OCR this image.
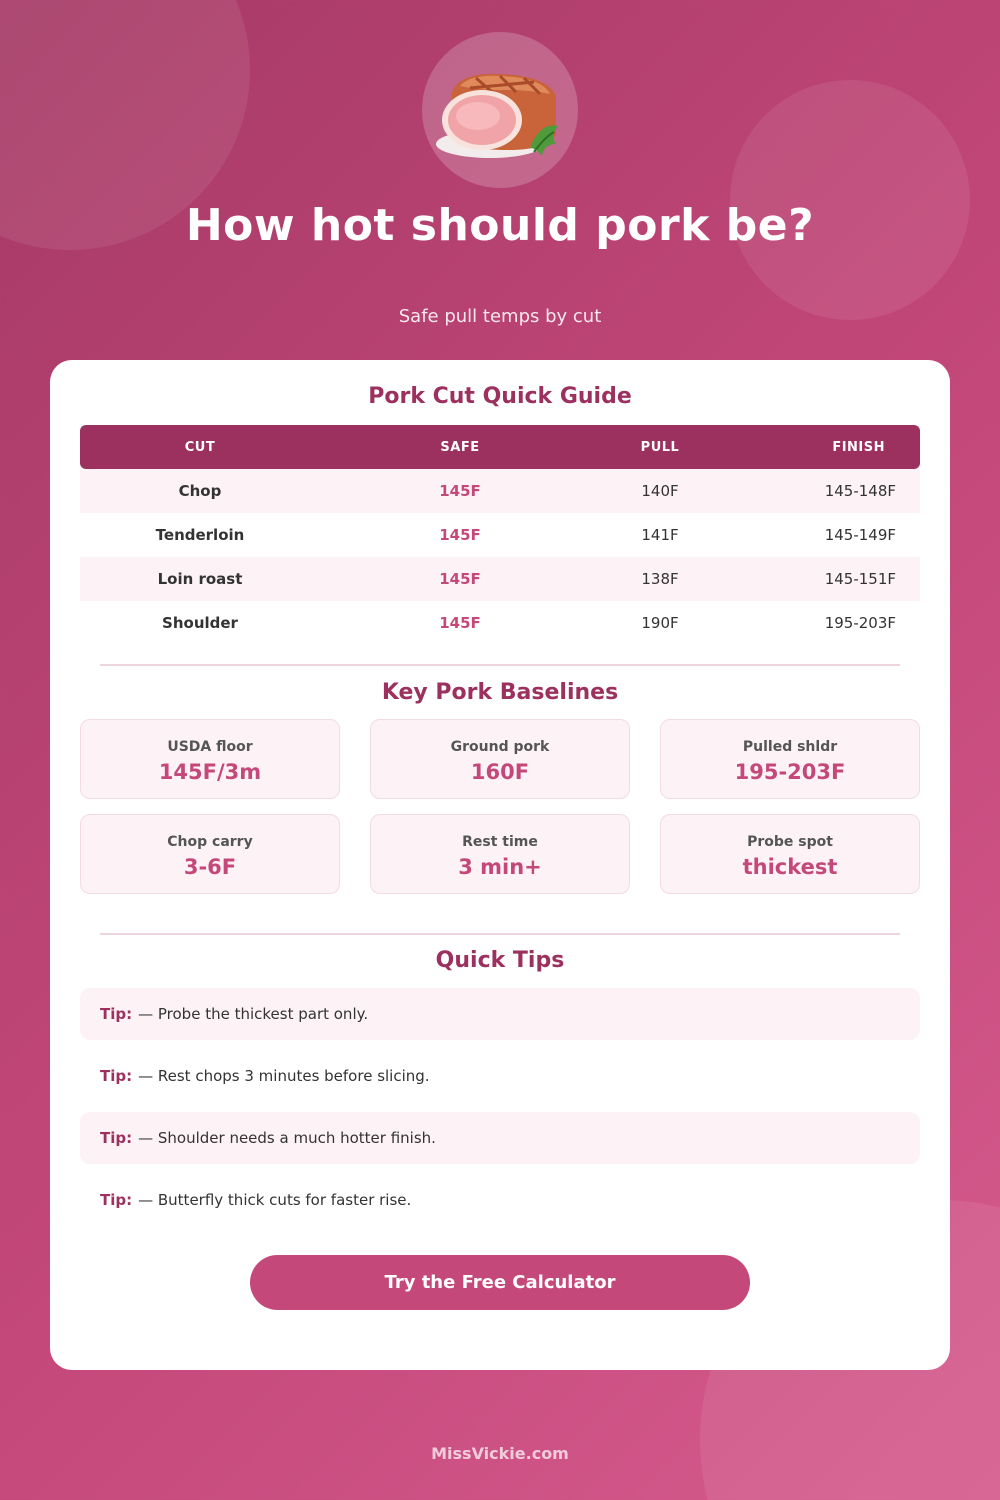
How hot should pork be?
Safe pull temps by cut
Pork Cut Quick Guide
CUT	SAFE	PULL	FINISH
Chop	145F	140F	145-148F
Tenderloin	145F	141F	145-149F
Loin roast	145F	138F	145-151F
Shoulder	145F	190F	195-203F
Key Pork Baselines
USDA floor
145F/3m
Ground pork
160F
Pulled shldr
195-203F
Chop carry
3-6F
Rest time
3 min+
Probe spot
thickest
Quick Tips
Tip: — Probe the thickest part only.
Tip: — Rest chops 3 minutes before slicing.
Tip: — Shoulder needs a much hotter finish.
Tip: — Butterfly thick cuts for faster rise.
Try the Free Calculator
MissVickie.com
